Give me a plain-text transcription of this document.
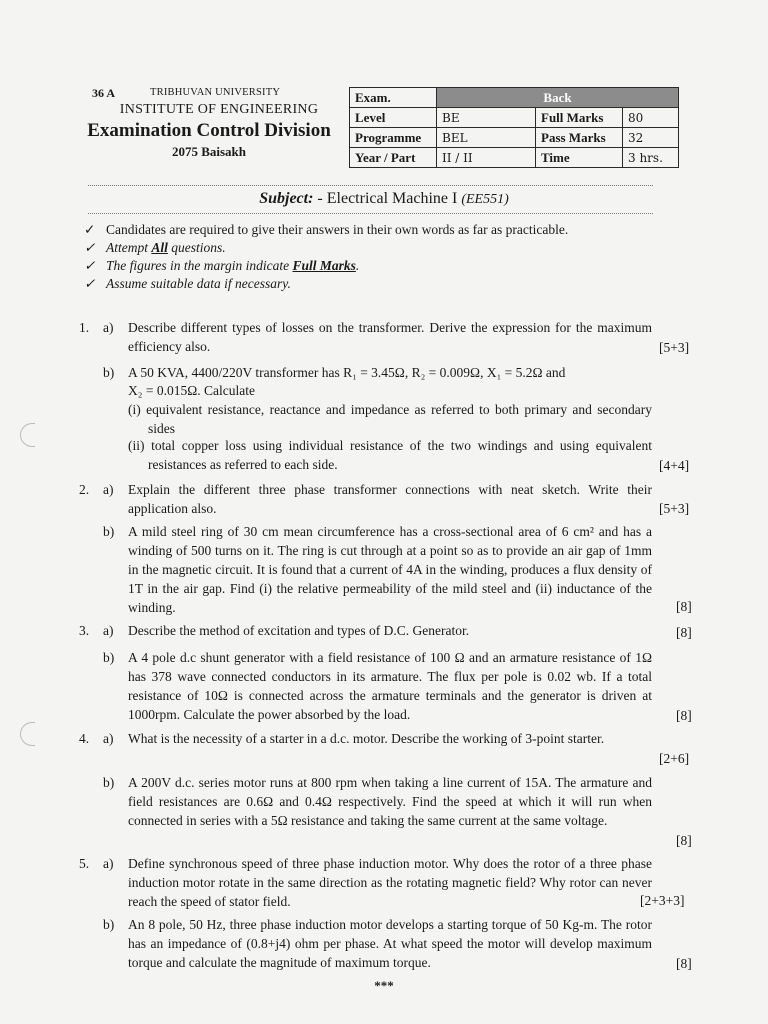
36 A	TRIBHUVAN UNIVERSITY
INSTITUTE OF ENGINEERING
Examination Control Division
2075 Baisakh
Exam.	Back		
Level	BE	Full Marks	80
Programme	BEL	Pass Marks	32
Year / Part	II / II	Time	3 hrs.
Subject: - Electrical Machine I (EE551)
✓ Candidates are required to give their answers in their own words as far as practicable.
✓ Attempt All questions.
✓ The figures in the margin indicate Full Marks.
✓ Assume suitable data if necessary.
1. a) Describe different types of losses on the transformer. Derive the expression for the maximum efficiency also.	[5+3]
b) A 50 KVA, 4400/220V transformer has R₁ = 3.45Ω, R₂ = 0.009Ω, X₁ = 5.2Ω and
X₂ = 0.015Ω. Calculate
(i) equivalent resistance, reactance and impedance as referred to both primary and secondary sides
(ii) total copper loss using individual resistance of the two windings and using equivalent resistances as referred to each side.	[4+4]
2. a) Explain the different three phase transformer connections with neat sketch. Write their application also.	[5+3]
b) A mild steel ring of 30 cm mean circumference has a cross-sectional area of 6 cm² and has a winding of 500 turns on it. The ring is cut through at a point so as to provide an air gap of 1mm in the magnetic circuit. It is found that a current of 4A in the winding, produces a flux density of 1T in the air gap. Find (i) the relative permeability of the mild steel and (ii) inductance of the winding.	[8]
3. a) Describe the method of excitation and types of D.C. Generator.	[8]
b) A 4 pole d.c shunt generator with a field resistance of 100 Ω and an armature resistance of 1Ω has 378 wave connected conductors in its armature. The flux per pole is 0.02 wb. If a total resistance of 10Ω is connected across the armature terminals and the generator is driven at 1000rpm. Calculate the power absorbed by the load.	[8]
4. a) What is the necessity of a starter in a d.c. motor. Describe the working of 3-point starter.
[2+6]
b) A 200V d.c. series motor runs at 800 rpm when taking a line current of 15A. The armature and field resistances are 0.6Ω and 0.4Ω respectively. Find the speed at which it will run when connected in series with a 5Ω resistance and taking the same current at the same voltage.
[8]
5. a) Define synchronous speed of three phase induction motor. Why does the rotor of a three phase induction motor rotate in the same direction as the rotating magnetic field? Why rotor can never reach the speed of stator field.	[2+3+3]
b) An 8 pole, 50 Hz, three phase induction motor develops a starting torque of 50 Kg-m. The rotor has an impedance of (0.8+j4) ohm per phase. At what speed the motor will develop maximum torque and calculate the magnitude of maximum torque.	[8]
***
